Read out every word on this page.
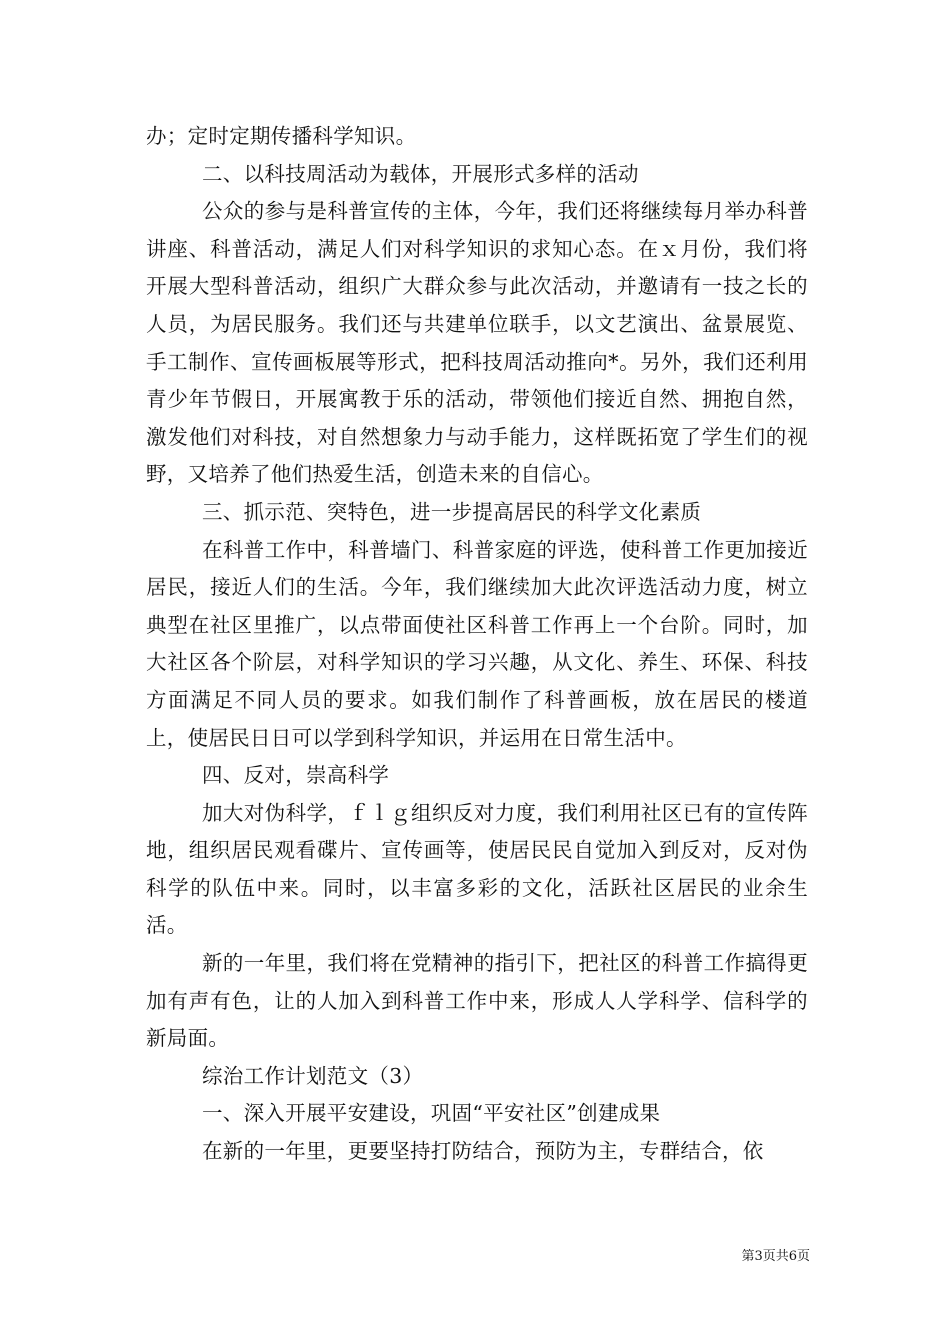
办；定时定期传播科学知识。

二、以科技周活动为载体，开展形式多样的活动

公众的参与是科普宣传的主体，今年，我们还将继续每月举办科普讲座、科普活动，满足人们对科学知识的求知心态。在ｘ月份，我们将开展大型科普活动，组织广大群众参与此次活动，并邀请有一技之长的人员，为居民服务。我们还与共建单位联手，以文艺演出、盆景展览、手工制作、宣传画板展等形式，把科技周活动推向*。另外，我们还利用青少年节假日，开展寓教于乐的活动，带领他们接近自然、拥抱自然，激发他们对科技，对自然想象力与动手能力，这样既拓宽了学生们的视野，又培养了他们热爱生活，创造未来的自信心。

三、抓示范、突特色，进一步提高居民的科学文化素质

在科普工作中，科普墙门、科普家庭的评选，使科普工作更加接近居民，接近人们的生活。今年，我们继续加大此次评选活动力度，树立典型在社区里推广，以点带面使社区科普工作再上一个台阶。同时，加大社区各个阶层，对科学知识的学习兴趣，从文化、养生、环保、科技方面满足不同人员的要求。如我们制作了科普画板，放在居民的楼道上，使居民日日可以学到科学知识，并运用在日常生活中。

四、反对，崇高科学

加大对伪科学，ｆｌｇ组织反对力度，我们利用社区已有的宣传阵地，组织居民观看碟片、宣传画等，使居民民自觉加入到反对，反对伪科学的队伍中来。同时，以丰富多彩的文化，活跃社区居民的业余生活。

新的一年里，我们将在党精神的指引下，把社区的科普工作搞得更加有声有色，让的人加入到科普工作中来，形成人人学科学、信科学的新局面。

综治工作计划范文（3）

一、深入开展平安建设，巩固“平安社区”创建成果

在新的一年里，更要坚持打防结合，预防为主，专群结合，依

第3页共6页
